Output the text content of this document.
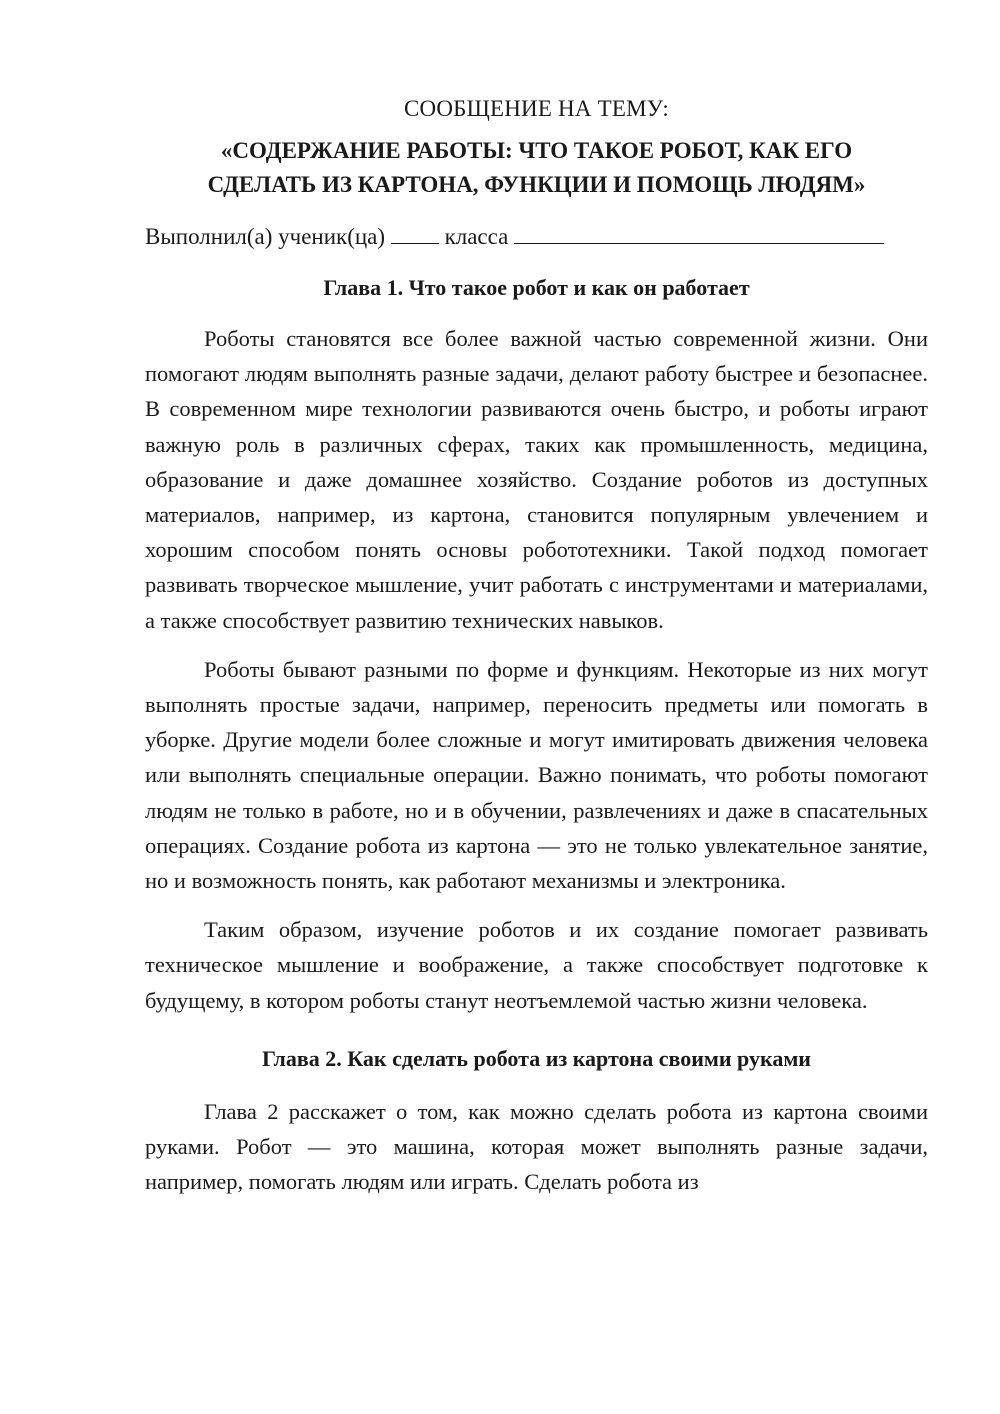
СООБЩЕНИЕ НА ТЕМУ:
«СОДЕРЖАНИЕ РАБОТЫ: ЧТО ТАКОЕ РОБОТ, КАК ЕГО
СДЕЛАТЬ ИЗ КАРТОНА, ФУНКЦИИ И ПОМОЩЬ ЛЮДЯМ»
Выполнил(а) ученик(ца)	класса
Глава 1. Что такое робот и как он работает

Роботы становятся все более важной частью современной жизни. Они помогают людям выполнять разные задачи, делают работу быстрее и безопаснее. В современном мире технологии развиваются очень быстро, и роботы играют важную роль в различных сферах, таких как промышленность, медицина, образование и даже домашнее хозяйство. Создание роботов из доступных материалов, например, из картона, становится популярным увлечением и хорошим способом понять основы робототехники. Такой подход помогает развивать творческое мышление, учит работать с инструментами и материалами, а также способствует развитию технических навыков.

Роботы бывают разными по форме и функциям. Некоторые из них могут выполнять простые задачи, например, переносить предметы или помогать в уборке. Другие модели более сложные и могут имитировать движения человека или выполнять специальные операции. Важно понимать, что роботы помогают людям не только в работе, но и в обучении, развлечениях и даже в спасательных операциях. Создание робота из картона — это не только увлекательное занятие, но и возможность понять, как работают механизмы и электроника.

Таким образом, изучение роботов и их создание помогает развивать техническое мышление и воображение, а также способствует подготовке к будущему, в котором роботы станут неотъемлемой частью жизни человека.

Глава 2. Как сделать робота из картона своими руками

Глава 2 расскажет о том, как можно сделать робота из картона своими руками. Робот — это машина, которая может выполнять разные задачи, например, помогать людям или играть. Сделать робота из
